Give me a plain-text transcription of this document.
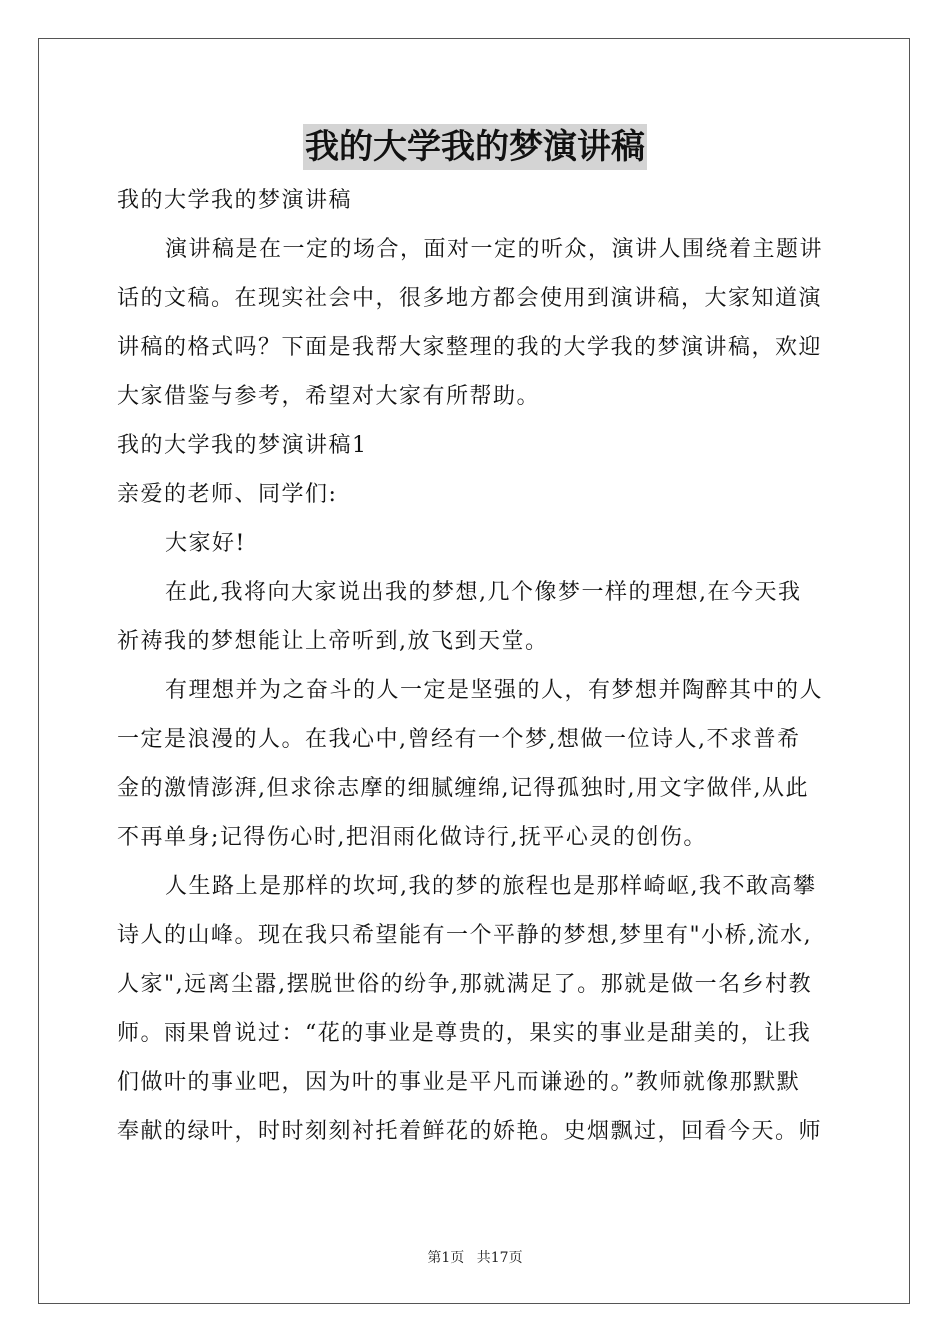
我的大学我的梦演讲稿
我的大学我的梦演讲稿
演讲稿是在一定的场合，面对一定的听众，演讲人围绕着主题讲
话的文稿。在现实社会中，很多地方都会使用到演讲稿，大家知道演
讲稿的格式吗？下面是我帮大家整理的我的大学我的梦演讲稿，欢迎
大家借鉴与参考，希望对大家有所帮助。
我的大学我的梦演讲稿1
亲爱的老师、同学们:
大家好!
在此,我将向大家说出我的梦想,几个像梦一样的理想,在今天我
祈祷我的梦想能让上帝听到,放飞到天堂。
有理想并为之奋斗的人一定是坚强的人，有梦想并陶醉其中的人
一定是浪漫的人。在我心中,曾经有一个梦,想做一位诗人,不求普希
金的激情澎湃,但求徐志摩的细腻缠绵,记得孤独时,用文字做伴,从此
不再单身;记得伤心时,把泪雨化做诗行,抚平心灵的创伤。
人生路上是那样的坎坷,我的梦的旅程也是那样崎岖,我不敢高攀
诗人的山峰。现在我只希望能有一个平静的梦想,梦里有"小桥,流水,
人家",远离尘嚣,摆脱世俗的纷争,那就满足了。那就是做一名乡村教
师。雨果曾说过：“花的事业是尊贵的，果实的事业是甜美的，让我
们做叶的事业吧，因为叶的事业是平凡而谦逊的。”教师就像那默默
奉献的绿叶，时时刻刻衬托着鲜花的娇艳。史烟飘过，回看今天。师
第1页 共17页
